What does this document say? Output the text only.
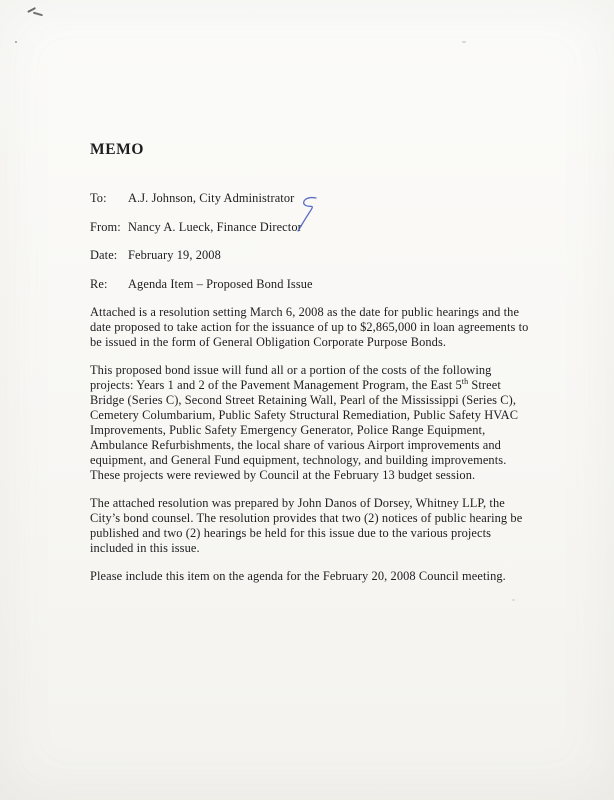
MEMO
To: A.J. Johnson, City Administrator
From: Nancy A. Lueck, Finance Director
Date: February 19, 2008
Re: Agenda Item – Proposed Bond Issue

Attached is a resolution setting March 6, 2008 as the date for public hearings and the date proposed to take action for the issuance of up to $2,865,000 in loan agreements to be issued in the form of General Obligation Corporate Purpose Bonds.

This proposed bond issue will fund all or a portion of the costs of the following projects: Years 1 and 2 of the Pavement Management Program, the East 5th Street Bridge (Series C), Second Street Retaining Wall, Pearl of the Mississippi (Series C), Cemetery Columbarium, Public Safety Structural Remediation, Public Safety HVAC Improvements, Public Safety Emergency Generator, Police Range Equipment, Ambulance Refurbishments, the local share of various Airport improvements and equipment, and General Fund equipment, technology, and building improvements. These projects were reviewed by Council at the February 13 budget session.

The attached resolution was prepared by John Danos of Dorsey, Whitney LLP, the City’s bond counsel. The resolution provides that two (2) notices of public hearing be published and two (2) hearings be held for this issue due to the various projects included in this issue.

Please include this item on the agenda for the February 20, 2008 Council meeting.
